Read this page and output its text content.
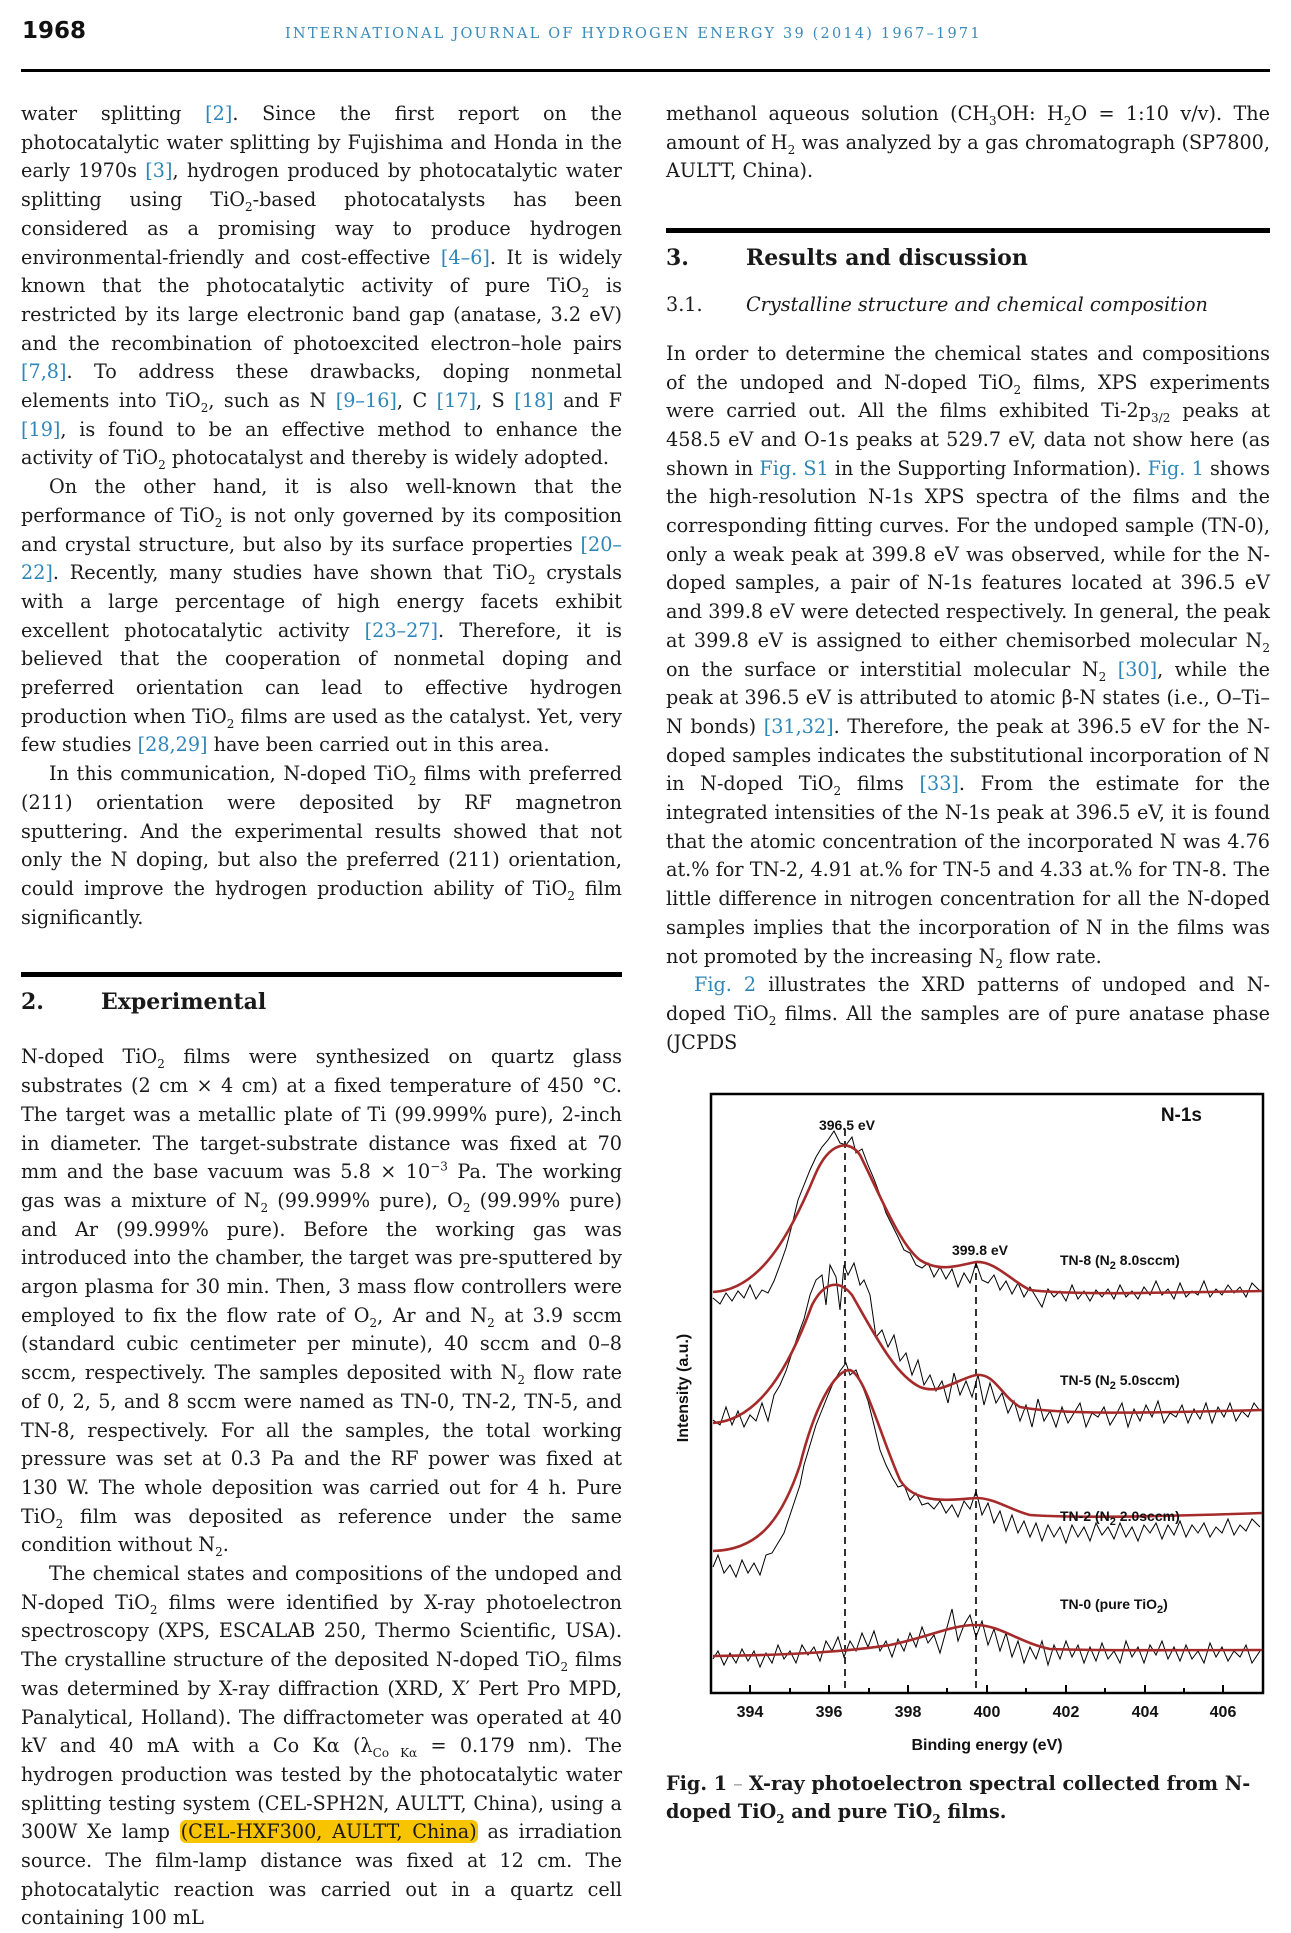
1968	INTERNATIONAL JOURNAL OF HYDROGEN ENERGY 39 (2014) 1967–1971

water splitting [2]. Since the first report on the photocatalytic water splitting by Fujishima and Honda in the early 1970s [3], hydrogen produced by photocatalytic water splitting using TiO$_2$-based photocatalysts has been considered as a promising way to produce hydrogen environmental-friendly and cost-effective [4–6]. It is widely known that the photocatalytic activity of pure TiO$_2$ is restricted by its large electronic band gap (anatase, 3.2 eV) and the recombination of photoexcited electron–hole pairs [7,8]. To address these drawbacks, doping nonmetal elements into TiO$_2$, such as N [9–16], C [17], S [18] and F [19], is found to be an effective method to enhance the activity of TiO$_2$ photocatalyst and thereby is widely adopted.

On the other hand, it is also well-known that the performance of TiO$_2$ is not only governed by its composition and crystal structure, but also by its surface properties [20–22]. Recently, many studies have shown that TiO$_2$ crystals with a large percentage of high energy facets exhibit excellent photocatalytic activity [23–27]. Therefore, it is believed that the cooperation of nonmetal doping and preferred orientation can lead to effective hydrogen production when TiO$_2$ films are used as the catalyst. Yet, very few studies [28,29] have been carried out in this area.

In this communication, N-doped TiO$_2$ films with preferred (211) orientation were deposited by RF magnetron sputtering. And the experimental results showed that not only the N doping, but also the preferred (211) orientation, could improve the hydrogen production ability of TiO$_2$ film significantly.

2.	Experimental

N-doped TiO$_2$ films were synthesized on quartz glass substrates (2 cm × 4 cm) at a fixed temperature of 450 °C. The target was a metallic plate of Ti (99.999% pure), 2-inch in diameter. The target-substrate distance was fixed at 70 mm and the base vacuum was $5.8 \times 10^{-3}$ Pa. The working gas was a mixture of $N_2$ (99.999% pure), $O_2$ (99.99% pure) and Ar (99.999% pure). Before the working gas was introduced into the chamber, the target was pre-sputtered by argon plasma for 30 min. Then, 3 mass flow controllers were employed to fix the flow rate of $O_2$, Ar and $N_2$ at 3.9 sccm (standard cubic centimeter per minute), 40 sccm and 0–8 sccm, respectively. The samples deposited with $N_2$ flow rate of 0, 2, 5, and 8 sccm were named as TN-0, TN-2, TN-5, and TN-8, respectively. For all the samples, the total working pressure was set at 0.3 Pa and the RF power was fixed at 130 W. The whole deposition was carried out for 4 h. Pure TiO$_2$ film was deposited as reference under the same condition without $N_2$.

The chemical states and compositions of the undoped and N-doped TiO$_2$ films were identified by X-ray photoelectron spectroscopy (XPS, ESCALAB 250, Thermo Scientific, USA). The crystalline structure of the deposited N-doped TiO$_2$ films was determined by X-ray diffraction (XRD, X′ Pert Pro MPD, Panalytical, Holland). The diffractometer was operated at 40 kV and 40 mA with a Co Kα ($\lambda_{Co K\alpha} = 0.179$ nm). The hydrogen production was tested by the photocatalytic water splitting testing system (CEL-SPH2N, AULTT, China), using a 300W Xe lamp (CEL-HXF300, AULTT, China) as irradiation source. The film-lamp distance was fixed at 12 cm. The photocatalytic reaction was carried out in a quartz cell containing 100 mL

methanol aqueous solution ($CH_3OH$: $H_2O$ = 1:10 v/v). The amount of $H_2$ was analyzed by a gas chromatograph (SP7800, AULTT, China).

3.	Results and discussion
3.1.	Crystalline structure and chemical composition

In order to determine the chemical states and compositions of the undoped and N-doped TiO$_2$ films, XPS experiments were carried out. All the films exhibited $Ti-2p_{3/2}$ peaks at 458.5 eV and O-1s peaks at 529.7 eV, data not show here (as shown in Fig. S1 in the Supporting Information). Fig. 1 shows the high-resolution N-1s XPS spectra of the films and the corresponding fitting curves. For the undoped sample (TN-0), only a weak peak at 399.8 eV was observed, while for the N-doped samples, a pair of N-1s features located at 396.5 eV and 399.8 eV were detected respectively. In general, the peak at 399.8 eV is assigned to either chemisorbed molecular $N_2$ on the surface or interstitial molecular $N_2$ [30], while the peak at 396.5 eV is attributed to atomic β-N states (i.e., O–Ti–N bonds) [31,32]. Therefore, the peak at 396.5 eV for the N-doped samples indicates the substitutional incorporation of N in N-doped TiO$_2$ films [33]. From the estimate for the integrated intensities of the N-1s peak at 396.5 eV, it is found that the atomic concentration of the incorporated N was 4.76 at.% for TN-2, 4.91 at.% for TN-5 and 4.33 at.% for TN-8. The little difference in nitrogen concentration for all the N-doped samples implies that the incorporation of N in the films was not promoted by the increasing $N_2$ flow rate.

Fig. 2 illustrates the XRD patterns of undoped and N-doped TiO$_2$ films. All the samples are of pure anatase phase (JCPDS

394	396	398	400	402	404	406
Binding energy (eV)
Intensity (a.u.)
396.5 eV
399.8 eV
N-1s
TN-8 ($N_2$ 8.0sccm)
TN-5 ($N_2$ 5.0sccm)
TN-2 ($N_2$ 2.0sccm)
TN-0 (pure TiO$_2$)
Fig. 1 – X-ray photoelectron spectral collected from N-doped TiO$_2$ and pure TiO$_2$ films.
